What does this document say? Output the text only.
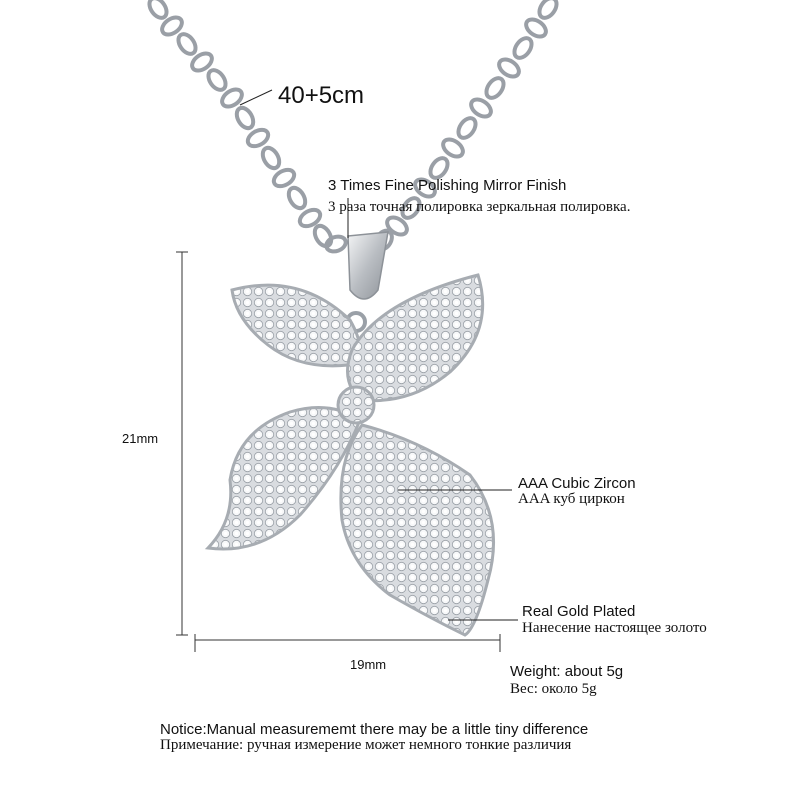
40+5cm
3 Times Fine Polishing Mirror Finish
3 раза точная полировка зеркальная полировка.
21mm
19mm
AAA Cubic Zircon
AAA куб циркон
Real Gold Plated
Нанесение настоящее золото
Weight: about 5g
Вес: около 5g
Notice:Manual measurememt there may be a little tiny difference
Примечание: ручная измерение может немного тонкие различия
